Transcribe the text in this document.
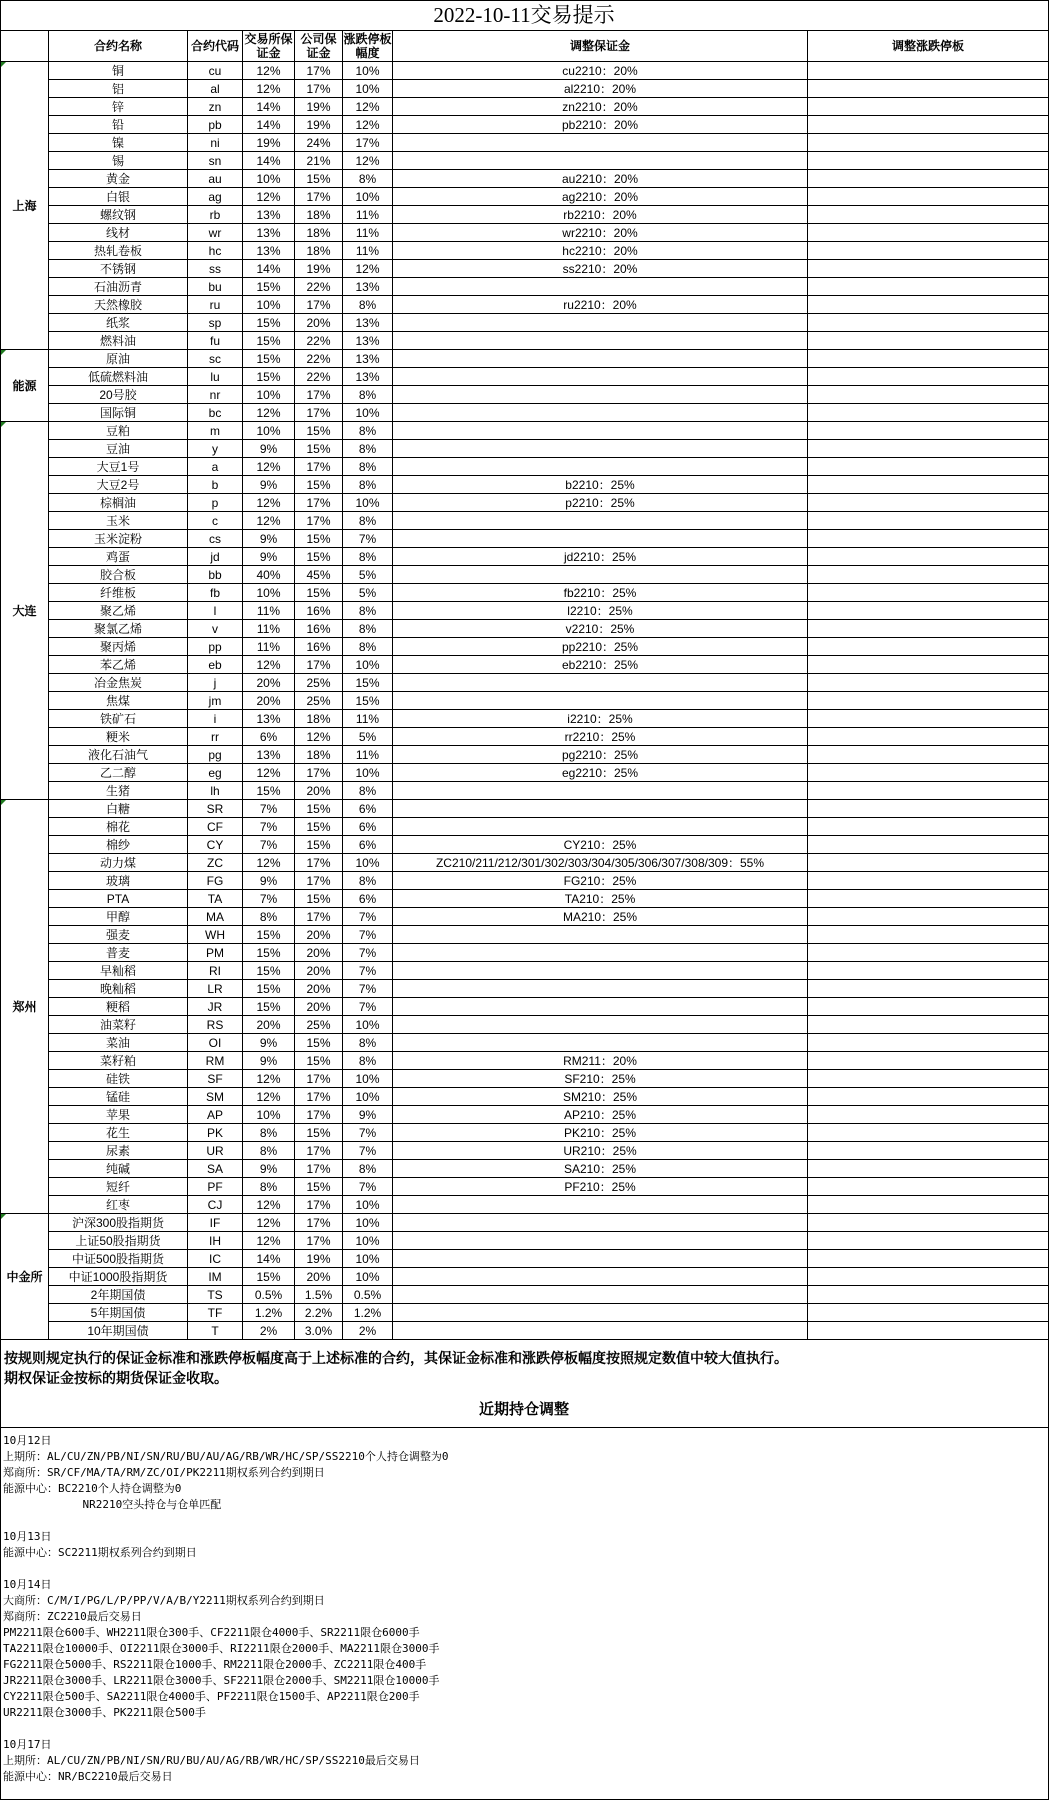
2022-10-11交易提示
	合约名称	合约代码	交易所保证金	公司保证金	涨跌停板幅度	调整保证金	调整涨跌停板
上海	铜	cu	12%	17%	10%	cu2210：20%	
	铝	al	12%	17%	10%	al2210：20%	
	锌	zn	14%	19%	12%	zn2210：20%	
	铅	pb	14%	19%	12%	pb2210：20%	
	镍	ni	19%	24%	17%		
	锡	sn	14%	21%	12%		
	黄金	au	10%	15%	8%	au2210：20%	
	白银	ag	12%	17%	10%	ag2210：20%	
	螺纹钢	rb	13%	18%	11%	rb2210：20%	
	线材	wr	13%	18%	11%	wr2210：20%	
	热轧卷板	hc	13%	18%	11%	hc2210：20%	
	不锈钢	ss	14%	19%	12%	ss2210：20%	
	石油沥青	bu	15%	22%	13%		
	天然橡胶	ru	10%	17%	8%	ru2210：20%	
	纸浆	sp	15%	20%	13%		
	燃料油	fu	15%	22%	13%		
能源	原油	sc	15%	22%	13%		
	低硫燃料油	lu	15%	22%	13%		
	20号胶	nr	10%	17%	8%		
	国际铜	bc	12%	17%	10%		
大连	豆粕	m	10%	15%	8%		
	豆油	y	9%	15%	8%		
	大豆1号	a	12%	17%	8%		
	大豆2号	b	9%	15%	8%	b2210：25%	
	棕榈油	p	12%	17%	10%	p2210：25%	
	玉米	c	12%	17%	8%		
	玉米淀粉	cs	9%	15%	7%		
	鸡蛋	jd	9%	15%	8%	jd2210：25%	
	胶合板	bb	40%	45%	5%		
	纤维板	fb	10%	15%	5%	fb2210：25%	
	聚乙烯	l	11%	16%	8%	l2210：25%	
	聚氯乙烯	v	11%	16%	8%	v2210：25%	
	聚丙烯	pp	11%	16%	8%	pp2210：25%	
	苯乙烯	eb	12%	17%	10%	eb2210：25%	
	冶金焦炭	j	20%	25%	15%		
	焦煤	jm	20%	25%	15%		
	铁矿石	i	13%	18%	11%	i2210：25%	
	粳米	rr	6%	12%	5%	rr2210：25%	
	液化石油气	pg	13%	18%	11%	pg2210：25%	
	乙二醇	eg	12%	17%	10%	eg2210：25%	
	生猪	lh	15%	20%	8%		
郑州	白糖	SR	7%	15%	6%		
	棉花	CF	7%	15%	6%		
	棉纱	CY	7%	15%	6%	CY210：25%	
	动力煤	ZC	12%	17%	10%	ZC210/211/212/301/302/303/304/305/306/307/308/309：55%	
	玻璃	FG	9%	17%	8%	FG210：25%	
	PTA	TA	7%	15%	6%	TA210：25%	
	甲醇	MA	8%	17%	7%	MA210：25%	
	强麦	WH	15%	20%	7%		
	普麦	PM	15%	20%	7%		
	早籼稻	RI	15%	20%	7%		
	晚籼稻	LR	15%	20%	7%		
	粳稻	JR	15%	20%	7%		
	油菜籽	RS	20%	25%	10%		
	菜油	OI	9%	15%	8%		
	菜籽粕	RM	9%	15%	8%	RM211：20%	
	硅铁	SF	12%	17%	10%	SF210：25%	
	锰硅	SM	12%	17%	10%	SM210：25%	
	苹果	AP	10%	17%	9%	AP210：25%	
	花生	PK	8%	15%	7%	PK210：25%	
	尿素	UR	8%	17%	7%	UR210：25%	
	纯碱	SA	9%	17%	8%	SA210：25%	
	短纤	PF	8%	15%	7%	PF210：25%	
	红枣	CJ	12%	17%	10%		
中金所	沪深300股指期货	IF	12%	17%	10%		
	上证50股指期货	IH	12%	17%	10%		
	中证500股指期货	IC	14%	19%	10%		
	中证1000股指期货	IM	15%	20%	10%		
	2年期国债	TS	0.5%	1.5%	0.5%		
	5年期国债	TF	1.2%	2.2%	1.2%		
	10年期国债	T	2%	3.0%	2%		
按规则规定执行的保证金标准和涨跌停板幅度高于上述标准的合约，其保证金标准和涨跌停板幅度按照规定数值中较大值执行。
期权保证金按标的期货保证金收取。
近期持仓调整
10月12日
上期所：AL/CU/ZN/PB/NI/SN/RU/BU/AU/AG/RB/WR/HC/SP/SS2210个人持仓调整为0
郑商所：SR/CF/MA/TA/RM/ZC/OI/PK2211期权系列合约到期日
能源中心：BC2210个人持仓调整为0
NR2210空头持仓与仓单匹配
10月13日
能源中心：SC2211期权系列合约到期日
10月14日
大商所：C/M/I/PG/L/P/PP/V/A/B/Y2211期权系列合约到期日
郑商所：ZC2210最后交易日
PM2211限仓600手、WH2211限仓300手、CF2211限仓4000手、SR2211限仓6000手
TA2211限仓10000手、OI2211限仓3000手、RI2211限仓2000手、MA2211限仓3000手
FG2211限仓5000手、RS2211限仓1000手、RM2211限仓2000手、ZC2211限仓400手
JR2211限仓3000手、LR2211限仓3000手、SF2211限仓2000手、SM2211限仓10000手
CY2211限仓500手、SA2211限仓4000手、PF2211限仓1500手、AP2211限仓200手
UR2211限仓3000手、PK2211限仓500手
10月17日
上期所：AL/CU/ZN/PB/NI/SN/RU/BU/AU/AG/RB/WR/HC/SP/SS2210最后交易日
能源中心：NR/BC2210最后交易日
